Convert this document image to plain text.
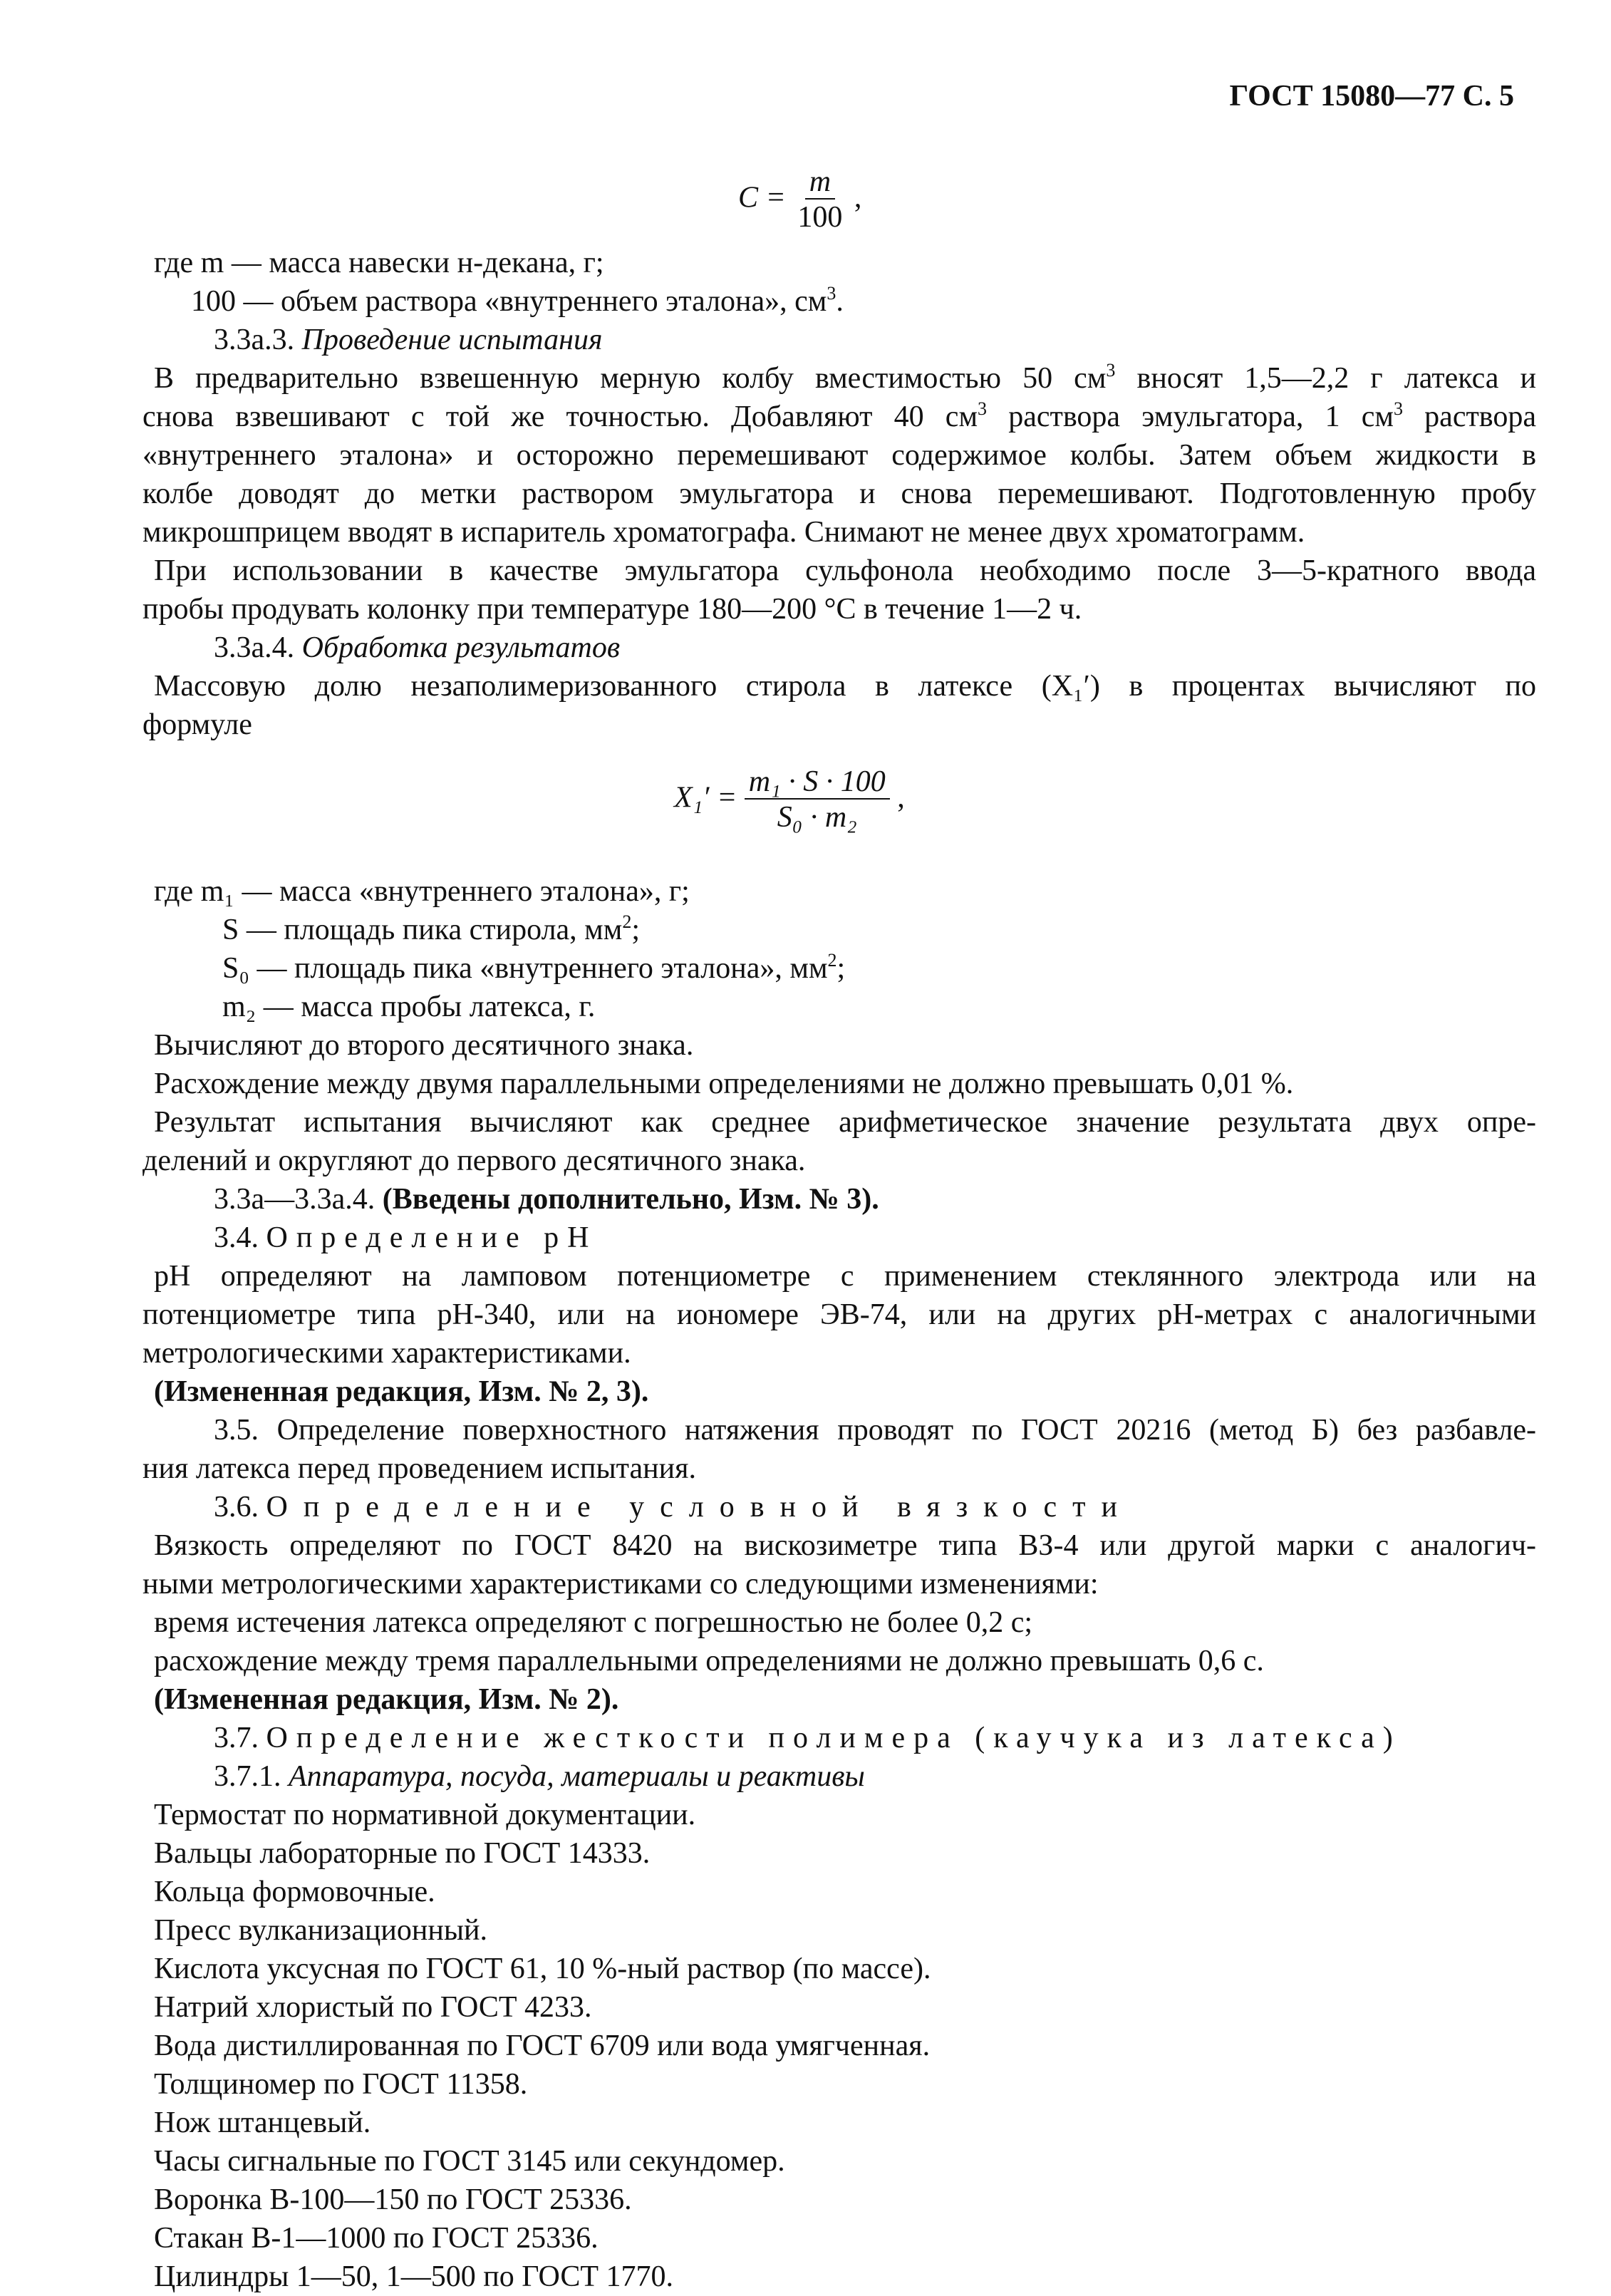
ГОСТ 15080—77 С. 5
$C = \frac{m}{100}$ ,
где m — масса навески н-декана, г;
100 — объем раствора «внутреннего эталона», $см^3$.
3.3а.3. Проведение испытания
В предварительно взвешенную мерную колбу вместимостью 50 $см^3$ вносят 1,5—2,2 г латекса и
снова взвешивают с той же точностью. Добавляют 40 $см^3$ раствора эмульгатора, 1 $см^3$ раствора
«внутреннего эталона» и осторожно перемешивают содержимое колбы. Затем объем жидкости в
колбе доводят до метки раствором эмульгатора и снова перемешивают. Подготовленную пробу
микрошприцем вводят в испаритель хроматографа. Снимают не менее двух хроматограмм.
При использовании в качестве эмульгатора сульфонола необходимо после 3—5-кратного ввода
пробы продувать колонку при температуре 180—200 °С в течение 1—2 ч.
3.3а.4. Обработка результатов
Массовую долю незаполимеризованного стирола в латексе (X₁′) в процентах вычисляют по
формуле
$X_1' = \frac{\text{m₁ · S · 100}}{\text{S₀ · m₂}}$ ,
где m₁ — масса «внутреннего эталона», г;
S — площадь пика стирола, $мм^2$;
S₀ — площадь пика «внутреннего эталона», $мм^2$;
m₂ — масса пробы латекса, г.
Вычисляют до второго десятичного знака.
Расхождение между двумя параллельными определениями не должно превышать 0,01 %.
Результат испытания вычисляют как среднее арифметическое значение результата двух опре-
делений и округляют до первого десятичного знака.
3.3а—3.3а.4. (Введены дополнительно, Изм. № 3).
3.4. Определение рН
рН определяют на ламповом потенциометре с применением стеклянного электрода или на
потенциометре типа рН-340, или на иономере ЭВ-74, или на других рН-метрах с аналогичными
метрологическими характеристиками.
(Измененная редакция, Изм. № 2, 3).
3.5. Определение поверхностного натяжения проводят по ГОСТ 20216 (метод Б) без разбавле-
ния латекса перед проведением испытания.
3.6. Определение условной вязкости
Вязкость определяют по ГОСТ 8420 на вискозиметре типа ВЗ-4 или другой марки с аналогич-
ными метрологическими характеристиками со следующими изменениями:
время истечения латекса определяют с погрешностью не более 0,2 с;
расхождение между тремя параллельными определениями не должно превышать 0,6 с.
(Измененная редакция, Изм. № 2).
3.7. Определение жесткости полимера (каучука из латекса)
3.7.1. Аппаратура, посуда, материалы и реактивы
Термостат по нормативной документации.
Вальцы лабораторные по ГОСТ 14333.
Кольца формовочные.
Пресс вулканизационный.
Кислота уксусная по ГОСТ 61, 10 %-ный раствор (по массе).
Натрий хлористый по ГОСТ 4233.
Вода дистиллированная по ГОСТ 6709 или вода умягченная.
Толщиномер по ГОСТ 11358.
Нож штанцевый.
Часы сигнальные по ГОСТ 3145 или секундомер.
Воронка В-100—150 по ГОСТ 25336.
Стакан В-1—1000 по ГОСТ 25336.
Цилиндры 1—50, 1—500 по ГОСТ 1770.
